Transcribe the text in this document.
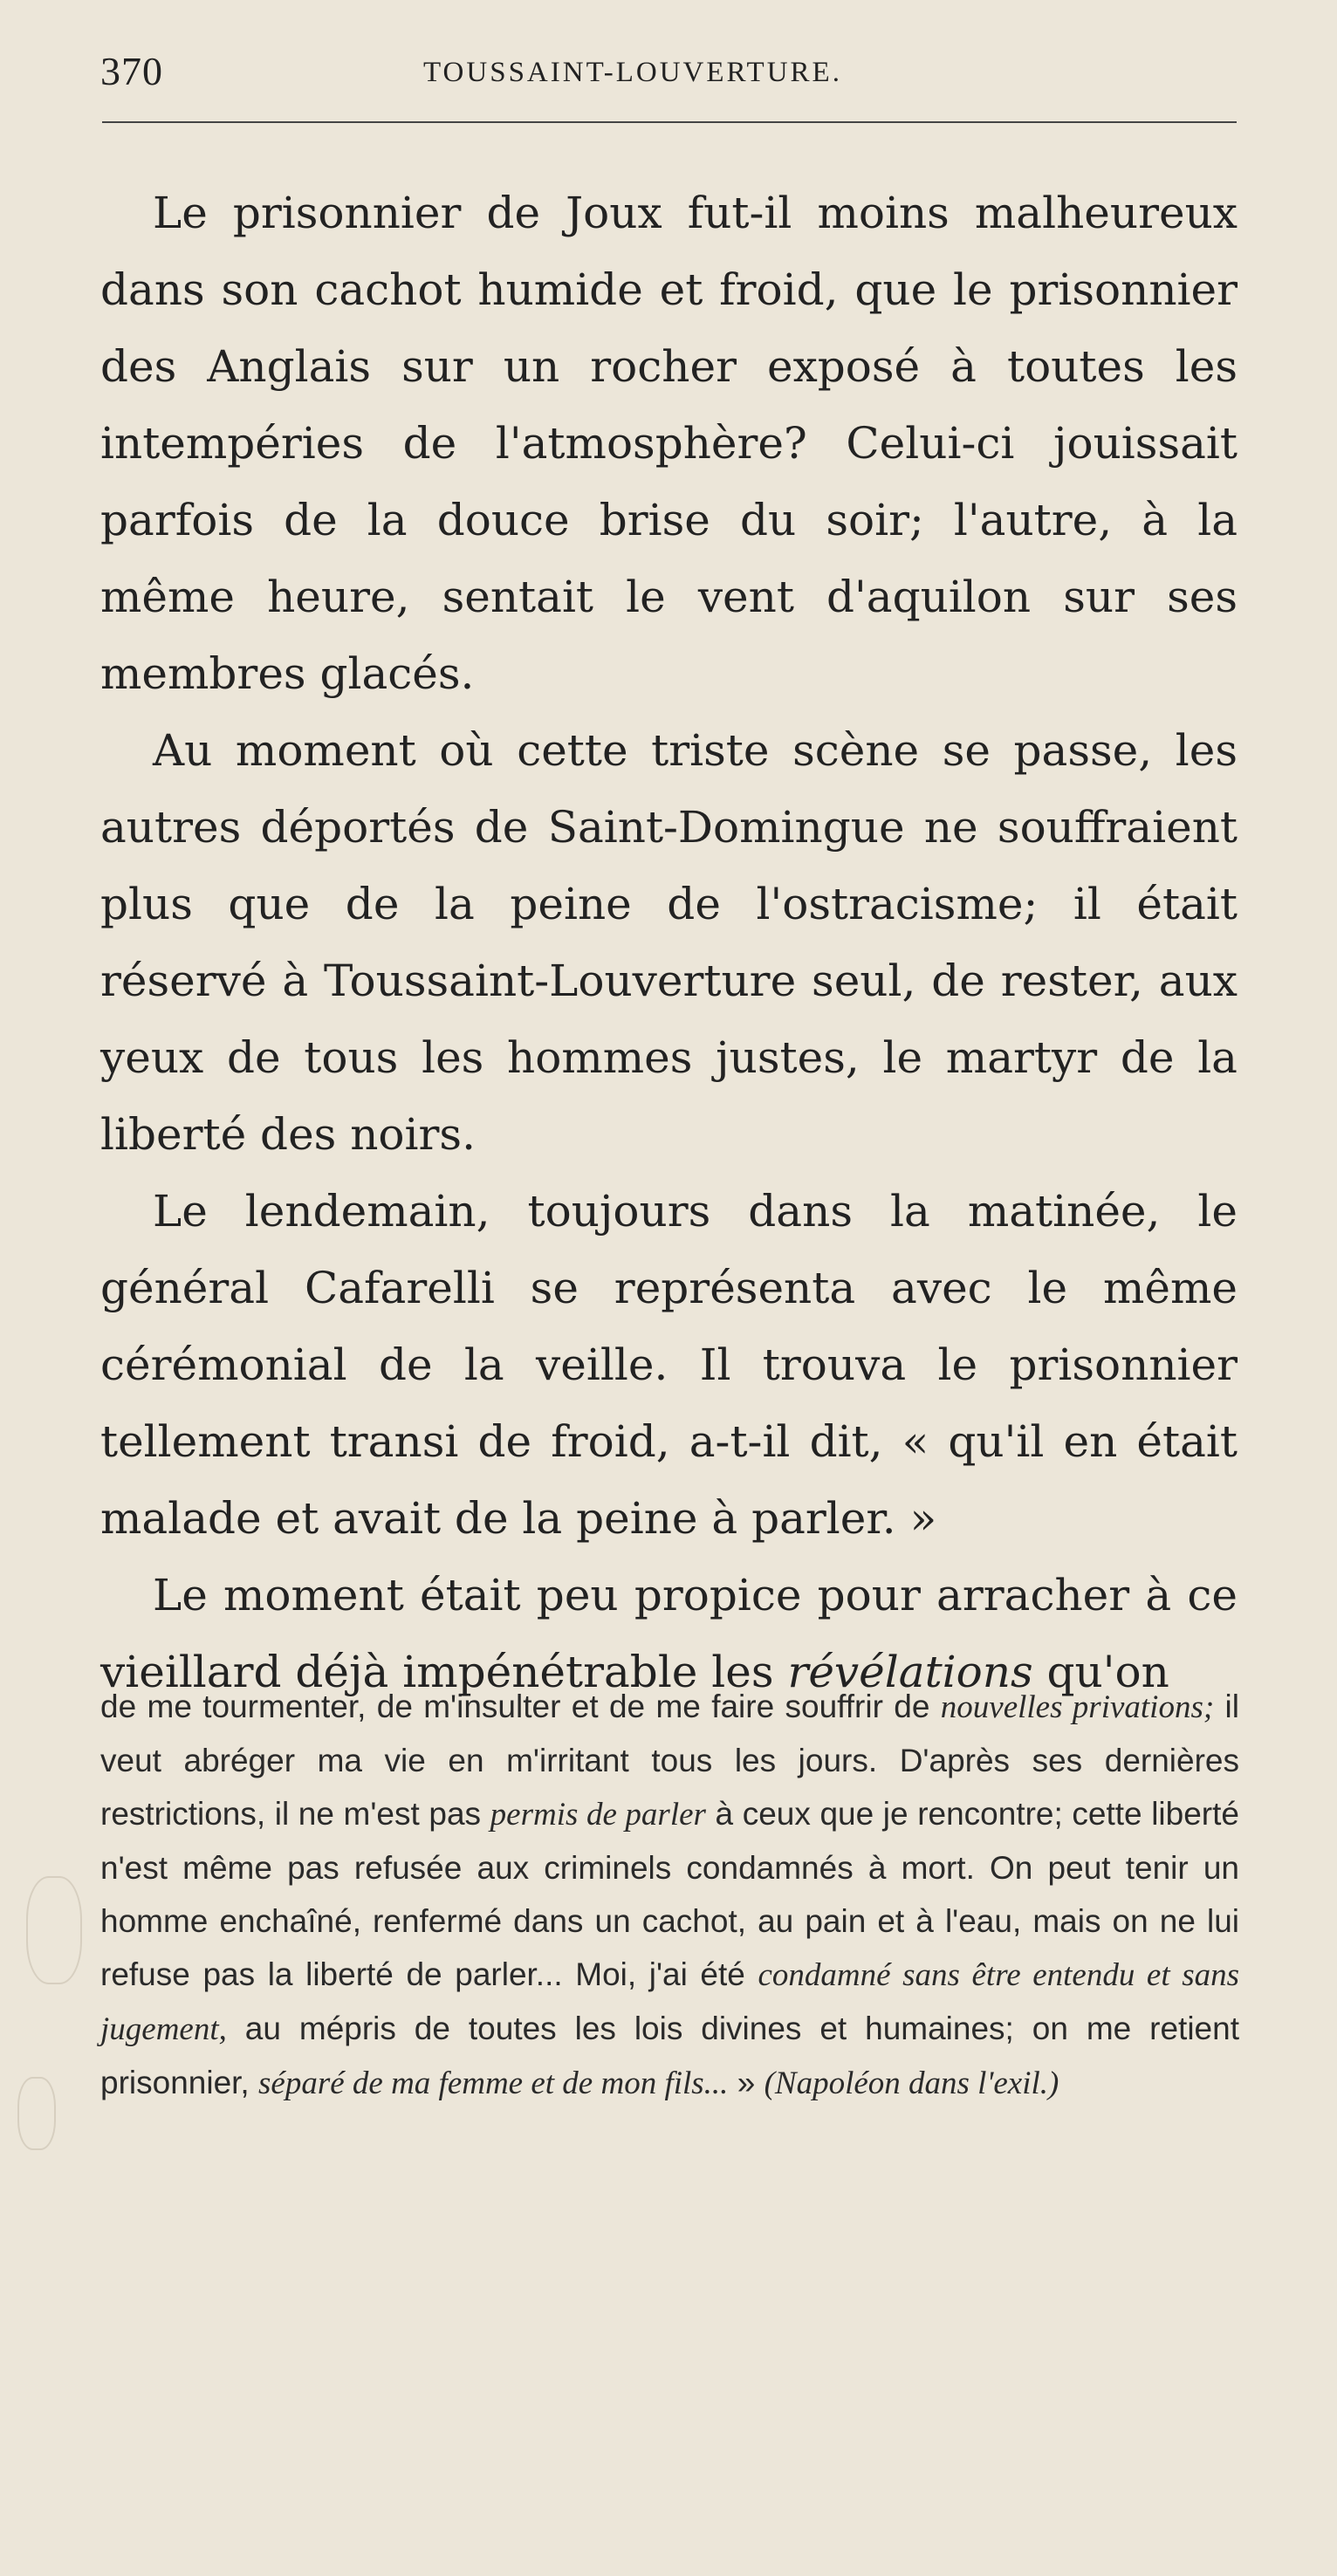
370	TOUSSAINT-LOUVERTURE.

Le prisonnier de Joux fut-il moins malheureux dans son cachot humide et froid, que le prisonnier des Anglais sur un rocher exposé à toutes les intempéries de l'atmosphère? Celui-ci jouissait parfois de la douce brise du soir; l'autre, à la même heure, sentait le vent d'aquilon sur ses membres glacés.

Au moment où cette triste scène se passe, les autres déportés de Saint-Domingue ne souffraient plus que de la peine de l'ostracisme; il était réservé à Toussaint-Louverture seul, de rester, aux yeux de tous les hommes justes, le martyr de la liberté des noirs.

Le lendemain, toujours dans la matinée, le général Cafarelli se représenta avec le même cérémonial de la veille. Il trouva le prisonnier tellement transi de froid, a-t-il dit, « qu'il en était malade et avait de la peine à parler. »

Le moment était peu propice pour arracher à ce vieillard déjà impénétrable les révélations qu'on

de me tourmenter, de m'insulter et de me faire souffrir de nouvelles privations; il veut abréger ma vie en m'irritant tous les jours. D'après ses dernières restrictions, il ne m'est pas permis de parler à ceux que je rencontre; cette liberté n'est même pas refusée aux criminels condamnés à mort. On peut tenir un homme enchaîné, renfermé dans un cachot, au pain et à l'eau, mais on ne lui refuse pas la liberté de parler... Moi, j'ai été condamné sans être entendu et sans jugement, au mépris de toutes les lois divines et humaines; on me retient prisonnier, séparé de ma femme et de mon fils... » (Napoléon dans l'exil.)
